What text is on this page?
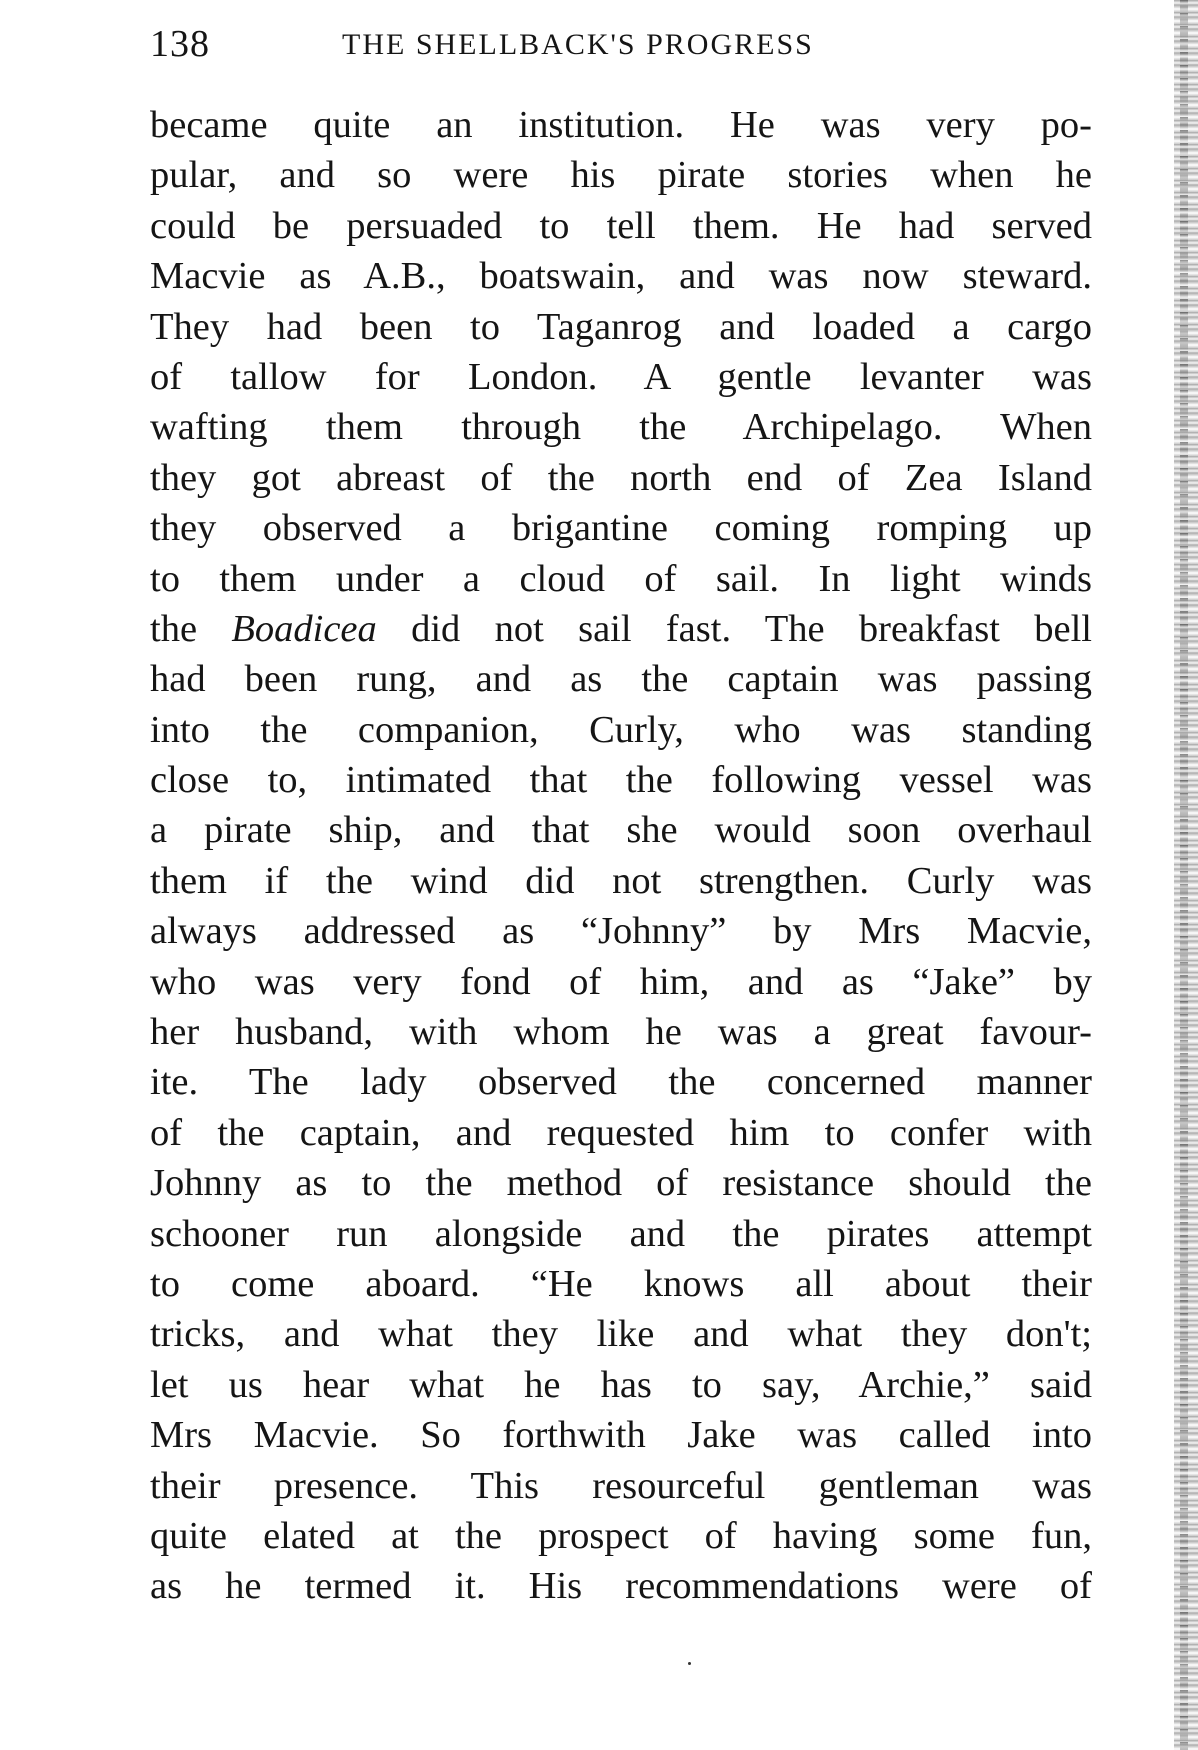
138	THE SHELLBACK'S PROGRESS
became quite an institution. He was very po-
pular, and so were his pirate stories when he
could be persuaded to tell them. He had served
Macvie as A.B., boatswain, and was now steward.
They had been to Taganrog and loaded a cargo
of tallow for London. A gentle levanter was
wafting them through the Archipelago. When
they got abreast of the north end of Zea Island
they observed a brigantine coming romping up
to them under a cloud of sail. In light winds
the Boadicea did not sail fast. The breakfast bell
had been rung, and as the captain was passing
into the companion, Curly, who was standing
close to, intimated that the following vessel was
a pirate ship, and that she would soon overhaul
them if the wind did not strengthen. Curly was
always addressed as “Johnny” by Mrs Macvie,
who was very fond of him, and as “Jake” by
her husband, with whom he was a great favour-
ite. The lady observed the concerned manner
of the captain, and requested him to confer with
Johnny as to the method of resistance should the
schooner run alongside and the pirates attempt
to come aboard. “He knows all about their
tricks, and what they like and what they don't;
let us hear what he has to say, Archie,” said
Mrs Macvie. So forthwith Jake was called into
their presence. This resourceful gentleman was
quite elated at the prospect of having some fun,
as he termed it. His recommendations were of
